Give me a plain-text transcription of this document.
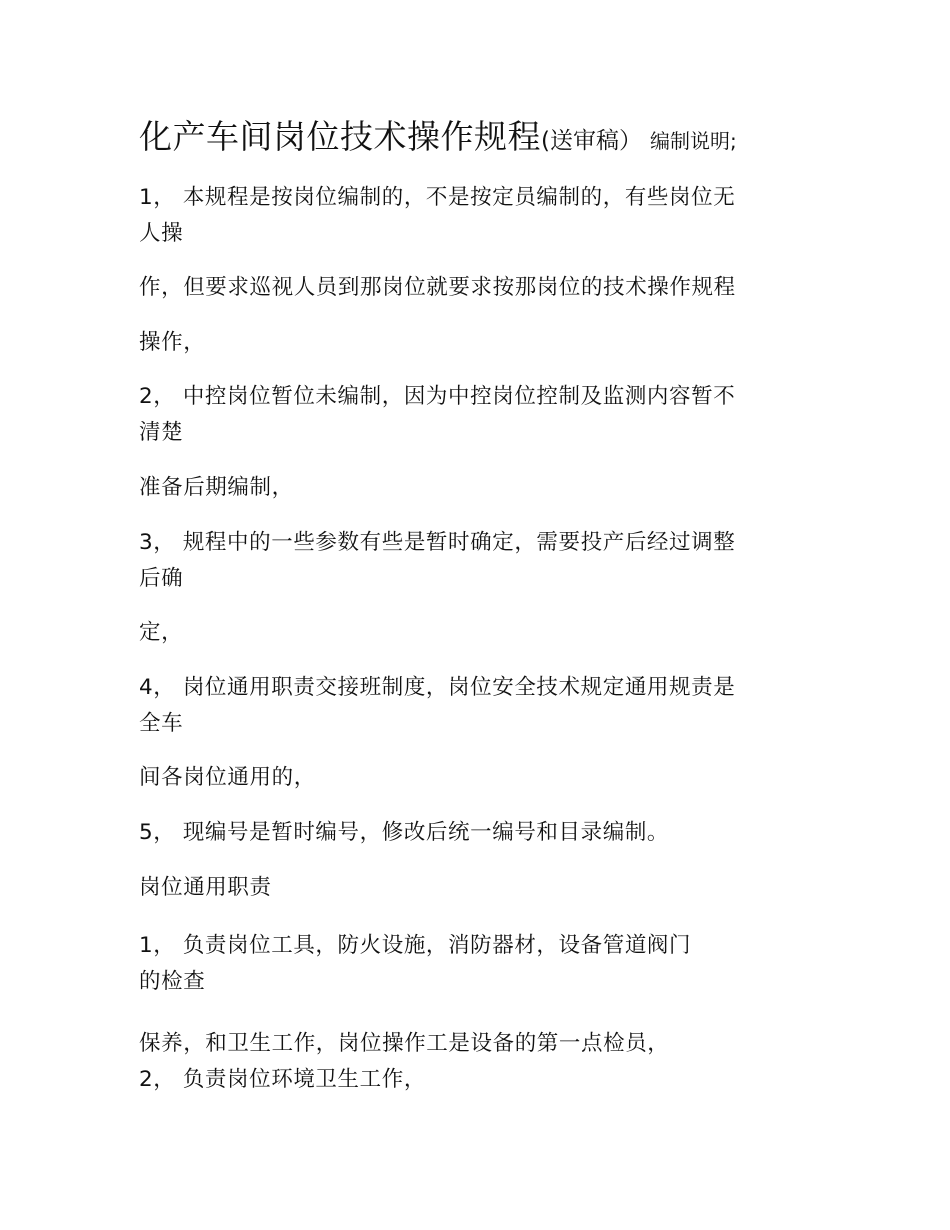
化产车间岗位技术操作规程(送审稿） 编制说明;
1， 本规程是按岗位编制的，不是按定员编制的，有些岗位无
人操
作，但要求巡视人员到那岗位就要求按那岗位的技术操作规程
操作，
2， 中控岗位暂位未编制，因为中控岗位控制及监测内容暂不
清楚
准备后期编制，
3， 规程中的一些参数有些是暂时确定，需要投产后经过调整
后确
定，
4， 岗位通用职责交接班制度，岗位安全技术规定通用规责是
全车
间各岗位通用的，
5， 现编号是暂时编号，修改后统一编号和目录编制。
岗位通用职责
1， 负责岗位工具，防火设施，消防器材，设备管道阀门
的检查
保养，和卫生工作，岗位操作工是设备的第一点检员，
2， 负责岗位环境卫生工作，
